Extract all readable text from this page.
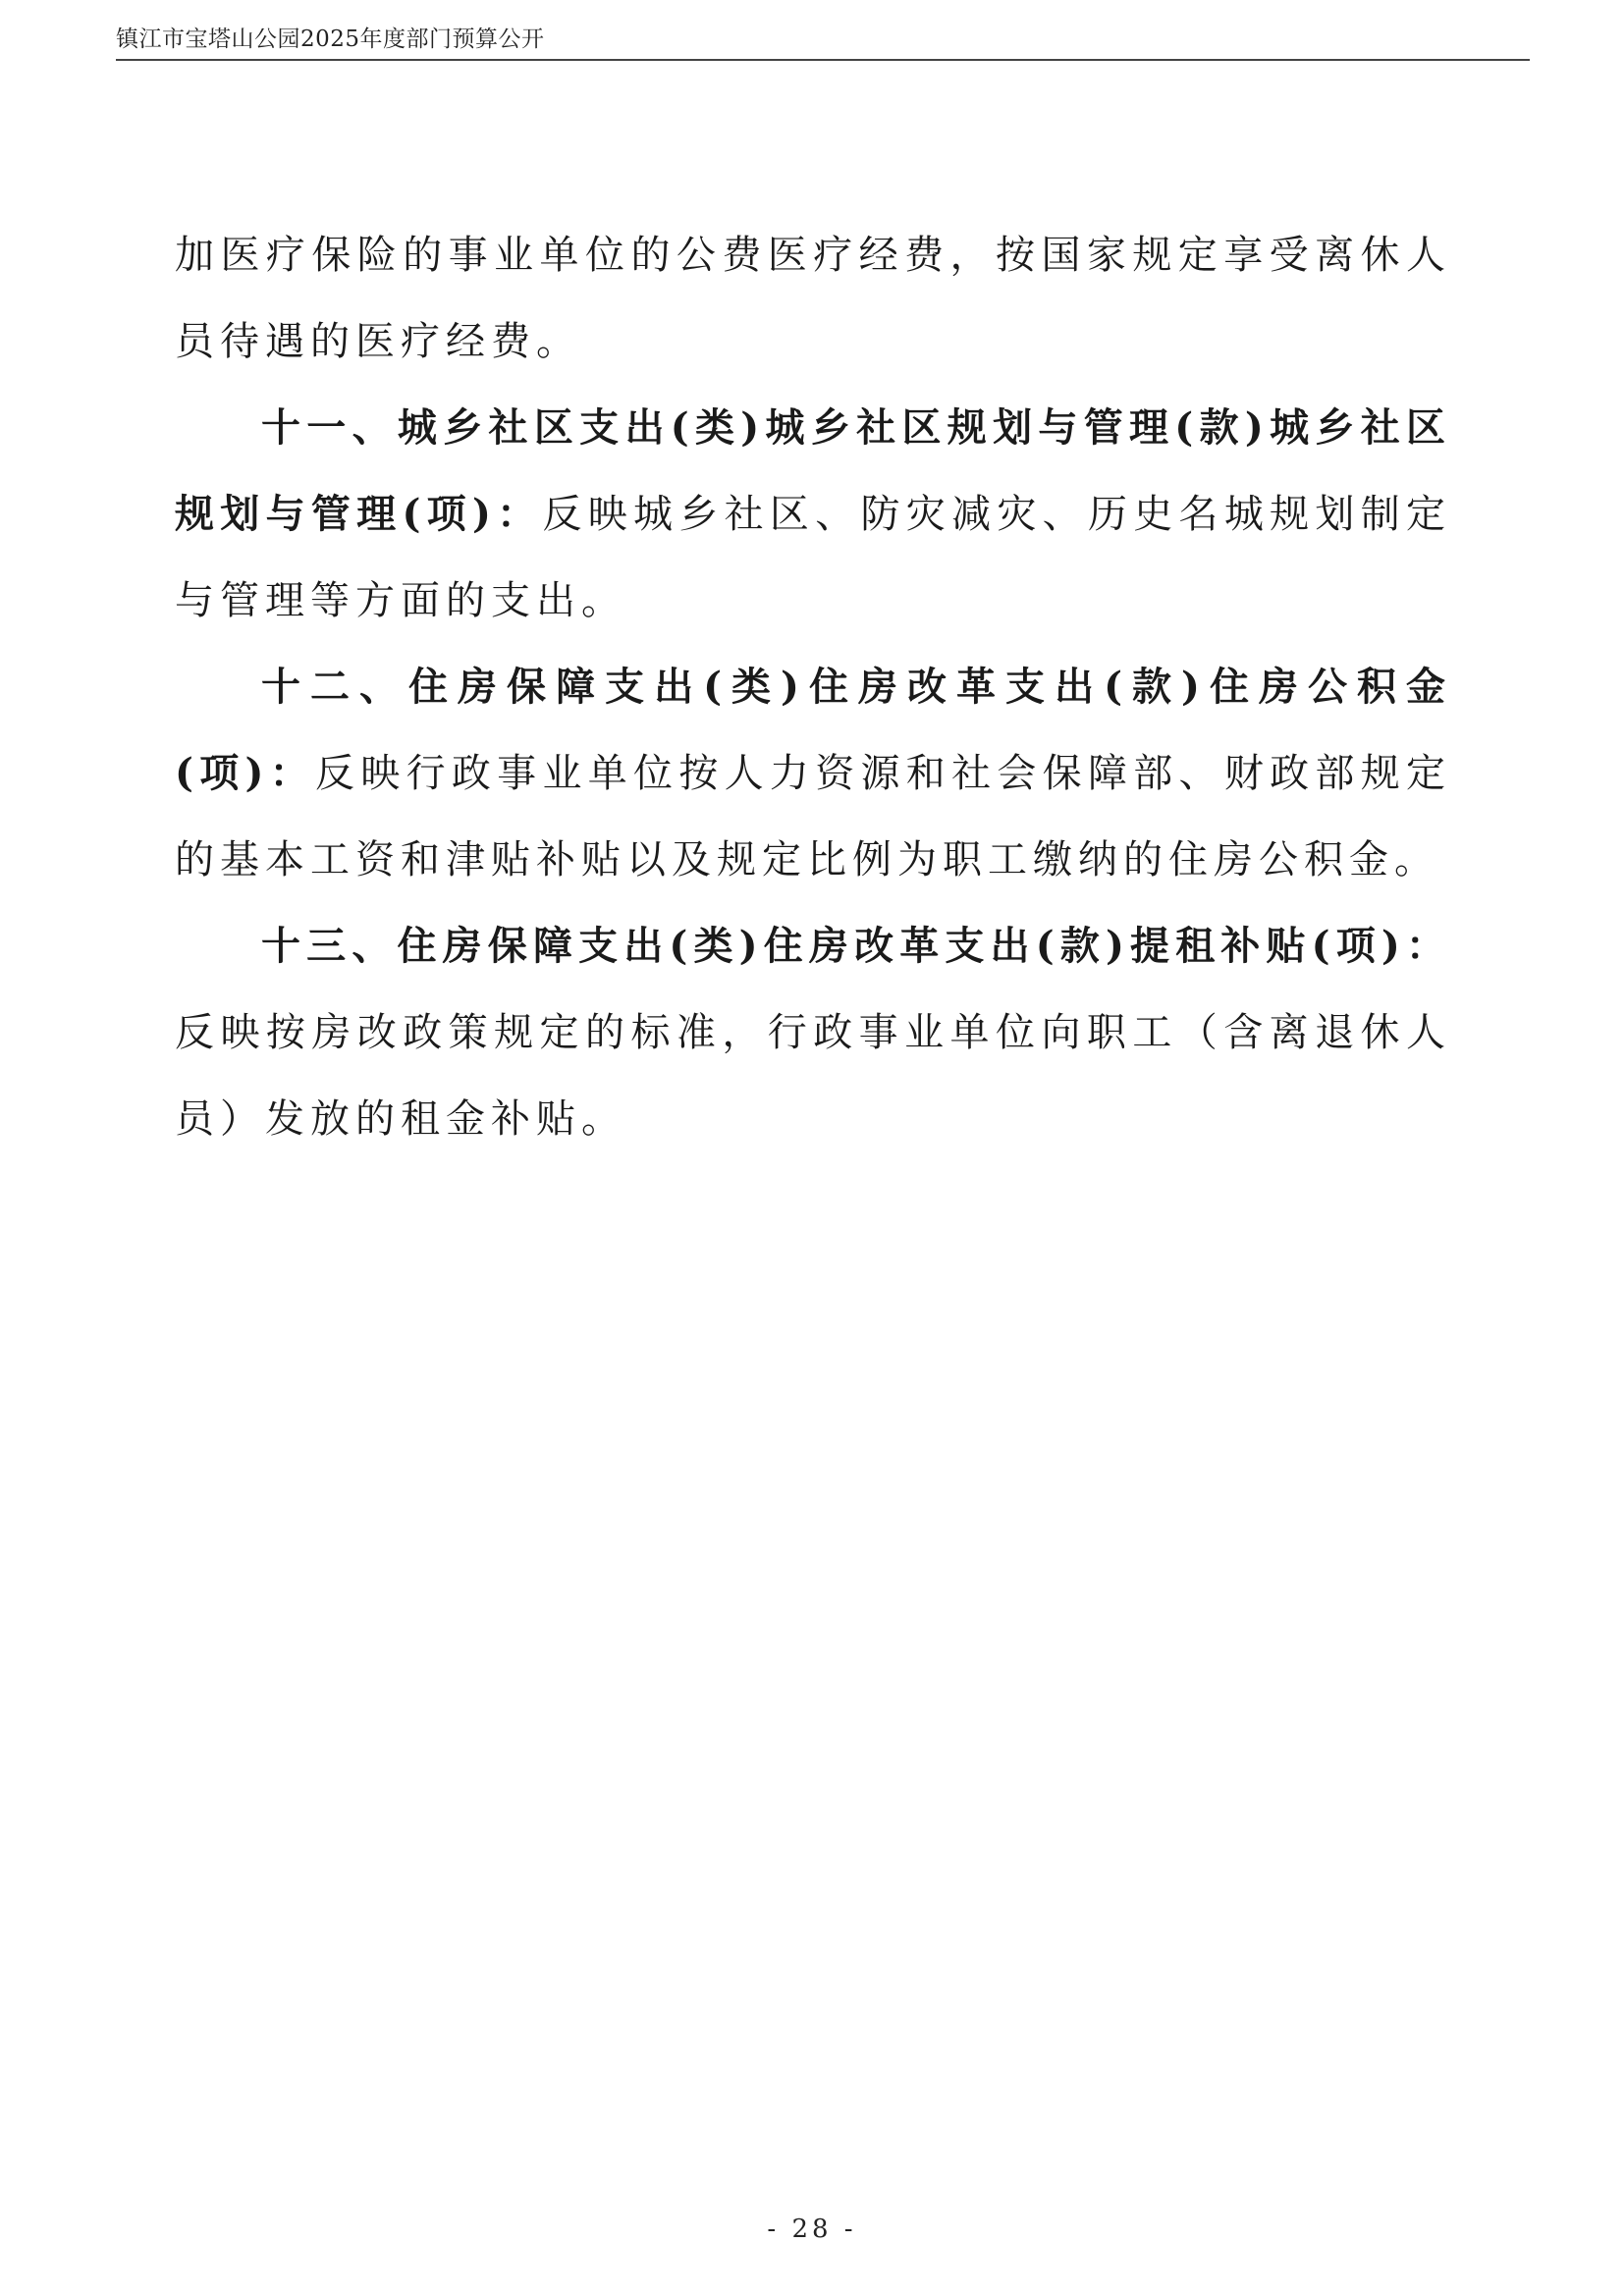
镇江市宝塔山公园2025年度部门预算公开

加医疗保险的事业单位的公费医疗经费，按国家规定享受离休人员待遇的医疗经费。

十一、城乡社区支出(类)城乡社区规划与管理(款)城乡社区规划与管理(项)：反映城乡社区、防灾减灾、历史名城规划制定与管理等方面的支出。

十二、住房保障支出(类)住房改革支出(款)住房公积金(项)：反映行政事业单位按人力资源和社会保障部、财政部规定的基本工资和津贴补贴以及规定比例为职工缴纳的住房公积金。

十三、住房保障支出(类)住房改革支出(款)提租补贴(项)：反映按房改政策规定的标准，行政事业单位向职工（含离退休人员）发放的租金补贴。

- 28 -
